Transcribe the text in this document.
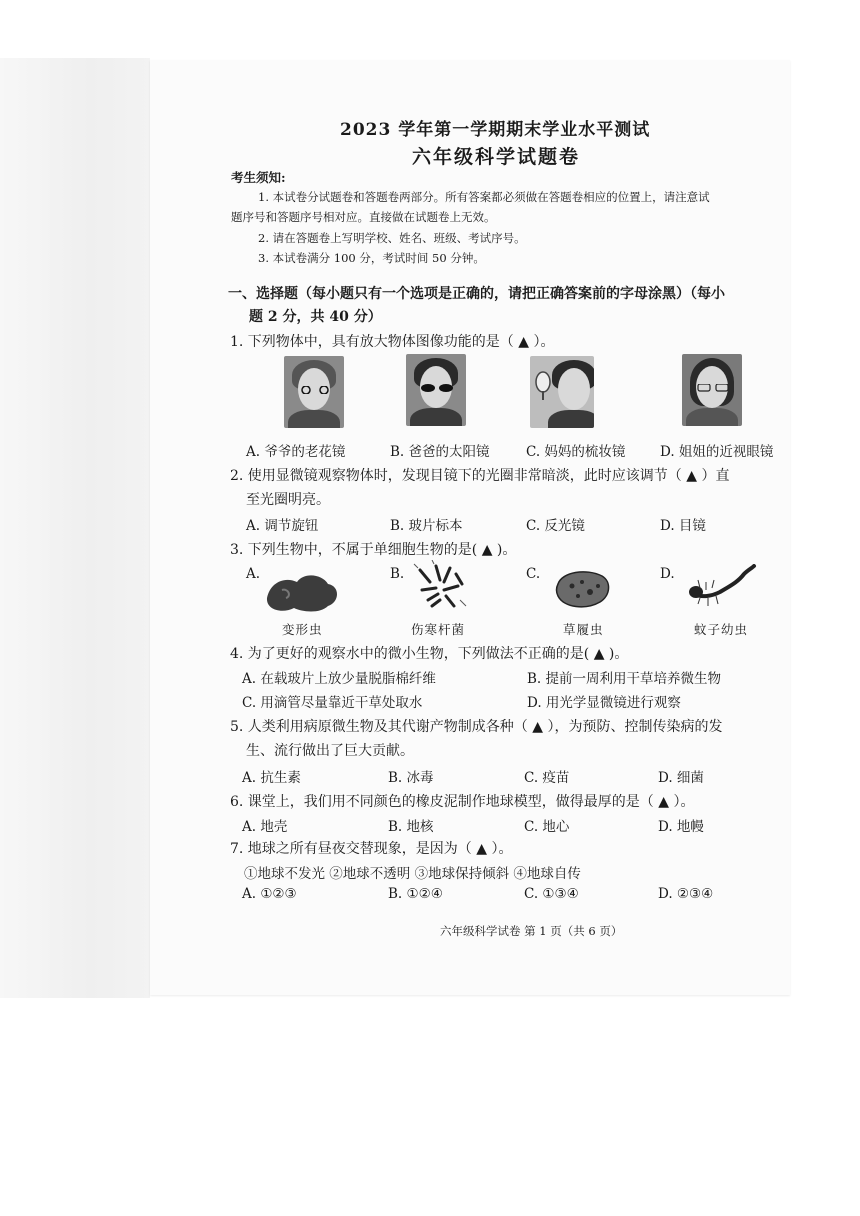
2023 学年第一学期期末学业水平测试
六年级科学试题卷
考生须知:
1. 本试卷分试题卷和答题卷两部分。所有答案都必须做在答题卷相应的位置上，请注意试
题序号和答题序号相对应。直接做在试题卷上无效。
2. 请在答题卷上写明学校、姓名、班级、考试序号。
3. 本试卷满分 100 分，考试时间 50 分钟。
一、选择题（每小题只有一个选项是正确的，请把正确答案前的字母涂黑）（每小
题 2 分，共 40 分）
1. 下列物体中，具有放大物体图像功能的是（ ▲ ）。
A. 爷爷的老花镜	B. 爸爸的太阳镜	C. 妈妈的梳妆镜	D. 姐姐的近视眼镜
2. 使用显微镜观察物体时，发现目镜下的光圈非常暗淡，此时应该调节（ ▲ ）直
至光圈明亮。
A. 调节旋钮	B. 玻片标本	C. 反光镜	D. 目镜
3. 下列生物中，不属于单细胞生物的是( ▲ )。
A.	B.	C.	D.
变形虫	伤寒杆菌	草履虫	蚊子幼虫
4. 为了更好的观察水中的微小生物，下列做法不正确的是( ▲ )。
A. 在载玻片上放少量脱脂棉纤维	B. 提前一周利用干草培养微生物
C. 用滴管尽量靠近干草处取水	D. 用光学显微镜进行观察
5. 人类利用病原微生物及其代谢产物制成各种（ ▲ ），为预防、控制传染病的发
生、流行做出了巨大贡献。
A. 抗生素	B. 冰毒	C. 疫苗	D. 细菌
6. 课堂上，我们用不同颜色的橡皮泥制作地球模型，做得最厚的是（ ▲ ）。
A. 地壳	B. 地核	C. 地心	D. 地幔
7. 地球之所有昼夜交替现象，是因为（ ▲ ）。
①地球不发光 ②地球不透明 ③地球保持倾斜 ④地球自传
A. ①②③	B. ①②④	C. ①③④	D. ②③④
六年级科学试卷 第 1 页（共 6 页）
